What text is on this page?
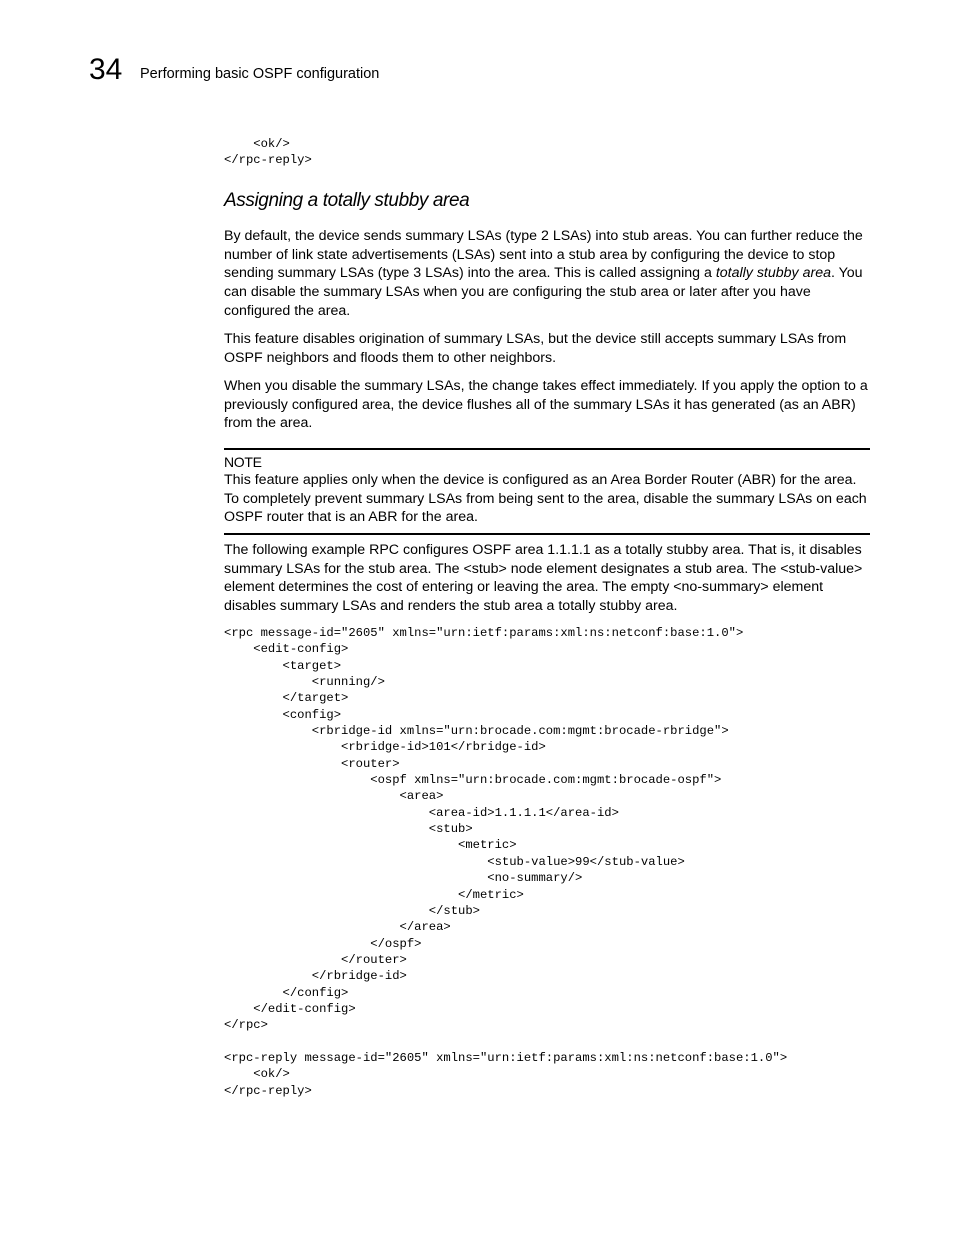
34 Performing basic OSPF configuration
<ok/>
</rpc-reply>
Assigning a totally stubby area

By default, the device sends summary LSAs (type 2 LSAs) into stub areas. You can further reduce the number of link state advertisements (LSAs) sent into a stub area by configuring the device to stop sending summary LSAs (type 3 LSAs) into the area. This is called assigning a totally stubby area. You can disable the summary LSAs when you are configuring the stub area or later after you have configured the area.

This feature disables origination of summary LSAs, but the device still accepts summary LSAs from OSPF neighbors and floods them to other neighbors.

When you disable the summary LSAs, the change takes effect immediately. If you apply the option to a previously configured area, the device flushes all of the summary LSAs it has generated (as an ABR) from the area.

NOTE
This feature applies only when the device is configured as an Area Border Router (ABR) for the area. To completely prevent summary LSAs from being sent to the area, disable the summary LSAs on each OSPF router that is an ABR for the area.

The following example RPC configures OSPF area 1.1.1.1 as a totally stubby area. That is, it disables summary LSAs for the stub area. The <stub> node element designates a stub area. The <stub-value> element determines the cost of entering or leaving the area. The empty <no-summary> element disables summary LSAs and renders the stub area a totally stubby area.

<rpc message-id="2605" xmlns="urn:ietf:params:xml:ns:netconf:base:1.0">
<edit-config>
<target>
<running/>
</target>
<config>
<rbridge-id xmlns="urn:brocade.com:mgmt:brocade-rbridge">
<rbridge-id>101</rbridge-id>
<router>
<ospf xmlns="urn:brocade.com:mgmt:brocade-ospf">
<area>
<area-id>1.1.1.1</area-id>
<stub>
<metric>
<stub-value>99</stub-value>
<no-summary/>
</metric>
</stub>
</area>
</ospf>
</router>
</rbridge-id>
</config>
</edit-config>
</rpc>

<rpc-reply message-id="2605" xmlns="urn:ietf:params:xml:ns:netconf:base:1.0">
<ok/>
</rpc-reply>
